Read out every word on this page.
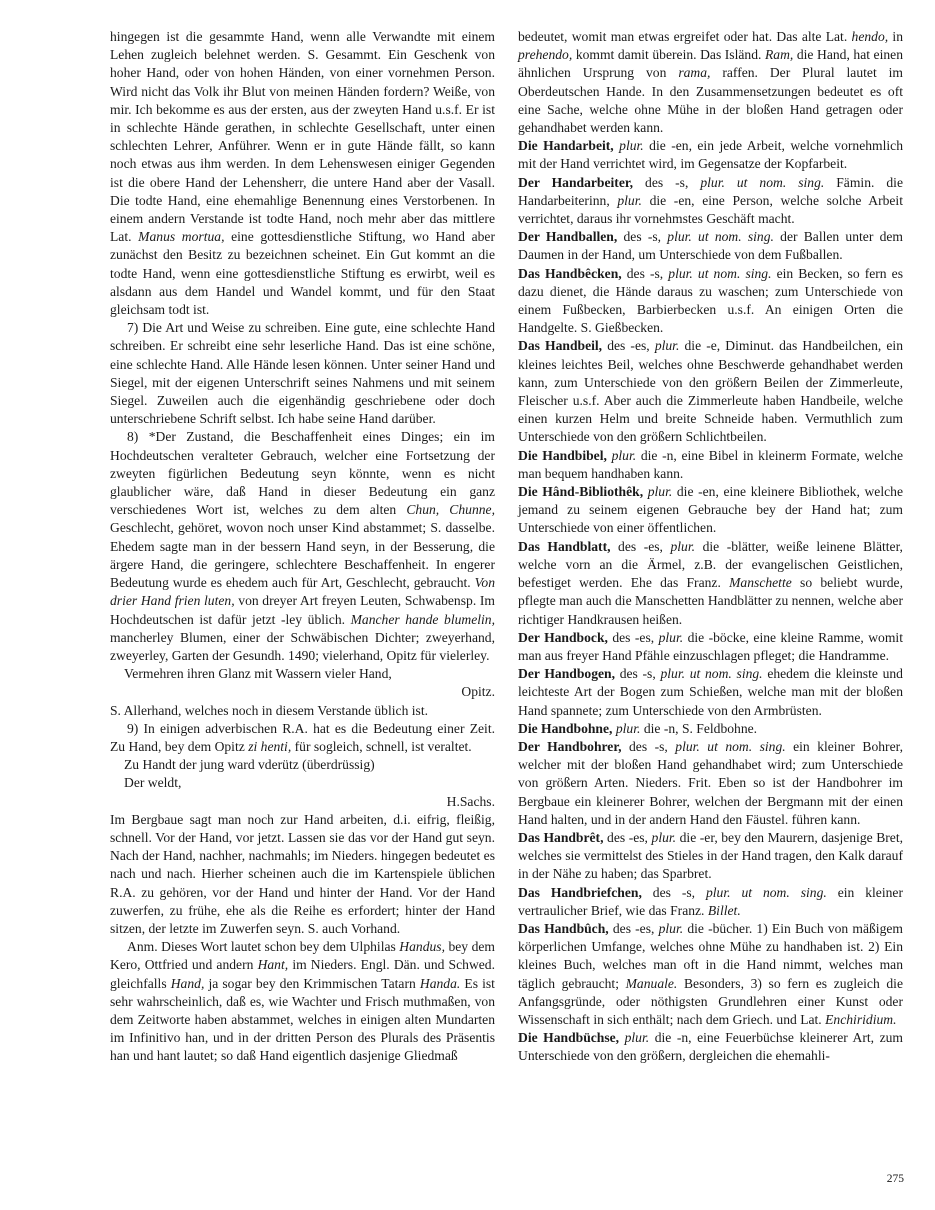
hingegen ist die gesammte Hand, wenn alle Verwandte mit einem Lehen zugleich belehnet werden. S. Gesammt. Ein Geschenk von hoher Hand, oder von hohen Händen, von einer vornehmen Person. Wird nicht das Volk ihr Blut von meinen Händen fordern? Weiße, von mir. Ich bekomme es aus der ersten, aus der zweyten Hand u.s.f. Er ist in schlechte Hände gerathen, in schlechte Gesellschaft, unter einen schlechten Lehrer, Anführer. Wenn er in gute Hände fällt, so kann noch etwas aus ihm werden. In dem Lehenswesen einiger Gegenden ist die obere Hand der Lehensherr, die untere Hand aber der Vasall. Die todte Hand, eine ehemahlige Benennung eines Verstorbenen. In einem andern Verstande ist todte Hand, noch mehr aber das mittlere Lat. Manus mortua, eine gottesdienstliche Stiftung, wo Hand aber zunächst den Besitz zu bezeichnen scheinet. Ein Gut kommt an die todte Hand, wenn eine gottesdienstliche Stiftung es erwirbt, weil es alsdann aus dem Handel und Wandel kommt, und für den Staat gleichsam todt ist.

7) Die Art und Weise zu schreiben. Eine gute, eine schlechte Hand schreiben. Er schreibt eine sehr leserliche Hand. Das ist eine schöne, eine schlechte Hand. Alle Hände lesen können. Unter seiner Hand und Siegel, mit der eigenen Unterschrift seines Nahmens und mit seinem Siegel. Zuweilen auch die eigenhändig geschriebene oder doch unterschriebene Schrift selbst. Ich habe seine Hand darüber.

8) *Der Zustand, die Beschaffenheit eines Dinges; ein im Hochdeutschen veralteter Gebrauch, welcher eine Fortsetzung der zweyten figürlichen Bedeutung seyn könnte, wenn es nicht glaublicher wäre, daß Hand in dieser Bedeutung ein ganz verschiedenes Wort ist, welches zu dem alten Chun, Chunne, Geschlecht, gehöret, wovon noch unser Kind abstammet; S. dasselbe. Ehedem sagte man in der bessern Hand seyn, in der Besserung, die ärgere Hand, die geringere, schlechtere Beschaffenheit. In engerer Bedeutung wurde es ehedem auch für Art, Geschlecht, gebraucht. Von drier Hand frien luten, von dreyer Art freyen Leuten, Schwabensp. Im Hochdeutschen ist dafür jetzt -ley üblich. Mancher hande blumelin, mancherley Blumen, einer der Schwäbischen Dichter; zweyerhand, zweyerley, Garten der Gesundh. 1490; vielerhand, Opitz für vielerley.

Vermehren ihren Glanz mit Wassern vieler Hand,

Opitz.

S. Allerhand, welches noch in diesem Verstande üblich ist.

9) In einigen adverbischen R.A. hat es die Bedeutung einer Zeit. Zu Hand, bey dem Opitz zi henti, für sogleich, schnell, ist veraltet.

Zu Handt der jung ward vderütz (überdrüssig)

Der weldt,

H.Sachs.

Im Bergbaue sagt man noch zur Hand arbeiten, d.i. eifrig, fleißig, schnell. Vor der Hand, vor jetzt. Lassen sie das vor der Hand gut seyn. Nach der Hand, nachher, nachmahls; im Nieders. hingegen bedeutet es nach und nach. Hierher scheinen auch die im Kartenspiele üblichen R.A. zu gehören, vor der Hand und hinter der Hand. Vor der Hand zuwerfen, zu frühe, ehe als die Reihe es erfordert; hinter der Hand sitzen, der letzte im Zuwerfen seyn. S. auch Vorhand.

Anm. Dieses Wort lautet schon bey dem Ulphilas Handus, bey dem Kero, Ottfried und andern Hant, im Nieders. Engl. Dän. und Schwed. gleichfalls Hand, ja sogar bey den Krimmischen Tatarn Handa. Es ist sehr wahrscheinlich, daß es, wie Wachter und Frisch muthmaßen, von dem Zeitworte haben abstammet, welches in einigen alten Mundarten im Infinitivo han, und in der dritten Person des Plurals des Präsentis han und hant lautet; so daß Hand eigentlich dasjenige Gliedmaß

bedeutet, womit man etwas ergreifet oder hat. Das alte Lat. hendo, in prehendo, kommt damit überein. Das Isländ. Ram, die Hand, hat einen ähnlichen Ursprung von rama, raffen. Der Plural lautet im Oberdeutschen Hande. In den Zusammensetzungen bedeutet es oft eine Sache, welche ohne Mühe in der bloßen Hand getragen oder gehandhabet werden kann.

Die Handarbeit, plur. die -en, ein jede Arbeit, welche vornehmlich mit der Hand verrichtet wird, im Gegensatze der Kopfarbeit.

Der Handarbeiter, des -s, plur. ut nom. sing. Fämin. die Handarbeiterinn, plur. die -en, eine Person, welche solche Arbeit verrichtet, daraus ihr vornehmstes Geschäft macht.

Der Handballen, des -s, plur. ut nom. sing. der Ballen unter dem Daumen in der Hand, um Unterschiede von dem Fußballen.

Das Handbêcken, des -s, plur. ut nom. sing. ein Becken, so fern es dazu dienet, die Hände daraus zu waschen; zum Unterschiede von einem Fußbecken, Barbierbecken u.s.f. An einigen Orten die Handgelte. S. Gießbecken.

Das Handbeil, des -es, plur. die -e, Diminut. das Handbeilchen, ein kleines leichtes Beil, welches ohne Beschwerde gehandhabet werden kann, zum Unterschiede von den größern Beilen der Zimmerleute, Fleischer u.s.f. Aber auch die Zimmerleute haben Handbeile, welche einen kurzen Helm und breite Schneide haben. Vermuthlich zum Unterschiede von den größern Schlichtbeilen.

Die Handbibel, plur. die -n, eine Bibel in kleinerm Formate, welche man bequem handhaben kann.

Die Hând-Bibliothêk, plur. die -en, eine kleinere Bibliothek, welche jemand zu seinem eigenen Gebrauche bey der Hand hat; zum Unterschiede von einer öffentlichen.

Das Handblatt, des -es, plur. die -blätter, weiße leinene Blätter, welche vorn an die Ärmel, z.B. der evangelischen Geistlichen, befestiget werden. Ehe das Franz. Manschette so beliebt wurde, pflegte man auch die Manschetten Handblätter zu nennen, welche aber richtiger Handkrausen heißen.

Der Handbock, des -es, plur. die -böcke, eine kleine Ramme, womit man aus freyer Hand Pfähle einzuschlagen pfleget; die Handramme.

Der Handbogen, des -s, plur. ut nom. sing. ehedem die kleinste und leichteste Art der Bogen zum Schießen, welche man mit der bloßen Hand spannete; zum Unterschiede von den Armbrüsten.

Die Handbohne, plur. die -n, S. Feldbohne.

Der Handbohrer, des -s, plur. ut nom. sing. ein kleiner Bohrer, welcher mit der bloßen Hand gehandhabet wird; zum Unterschiede von größern Arten. Nieders. Frit. Eben so ist der Handbohrer im Bergbaue ein kleinerer Bohrer, welchen der Bergmann mit der einen Hand halten, und in der andern Hand den Fäustel. führen kann.

Das Handbrêt, des -es, plur. die -er, bey den Maurern, dasjenige Bret, welches sie vermittelst des Stieles in der Hand tragen, den Kalk darauf in der Nähe zu haben; das Sparbret.

Das Handbriefchen, des -s, plur. ut nom. sing. ein kleiner vertraulicher Brief, wie das Franz. Billet.

Das Handbûch, des -es, plur. die -bücher. 1) Ein Buch von mäßigem körperlichen Umfange, welches ohne Mühe zu handhaben ist. 2) Ein kleines Buch, welches man oft in die Hand nimmt, welches man täglich gebraucht; Manuale. Besonders, 3) so fern es zugleich die Anfangsgründe, oder nöthigsten Grundlehren einer Kunst oder Wissenschaft in sich enthält; nach dem Griech. und Lat. Enchiridium.

Die Handbüchse, plur. die -n, eine Feuerbüchse kleinerer Art, zum Unterschiede von den größern, dergleichen die ehemahli-

275
